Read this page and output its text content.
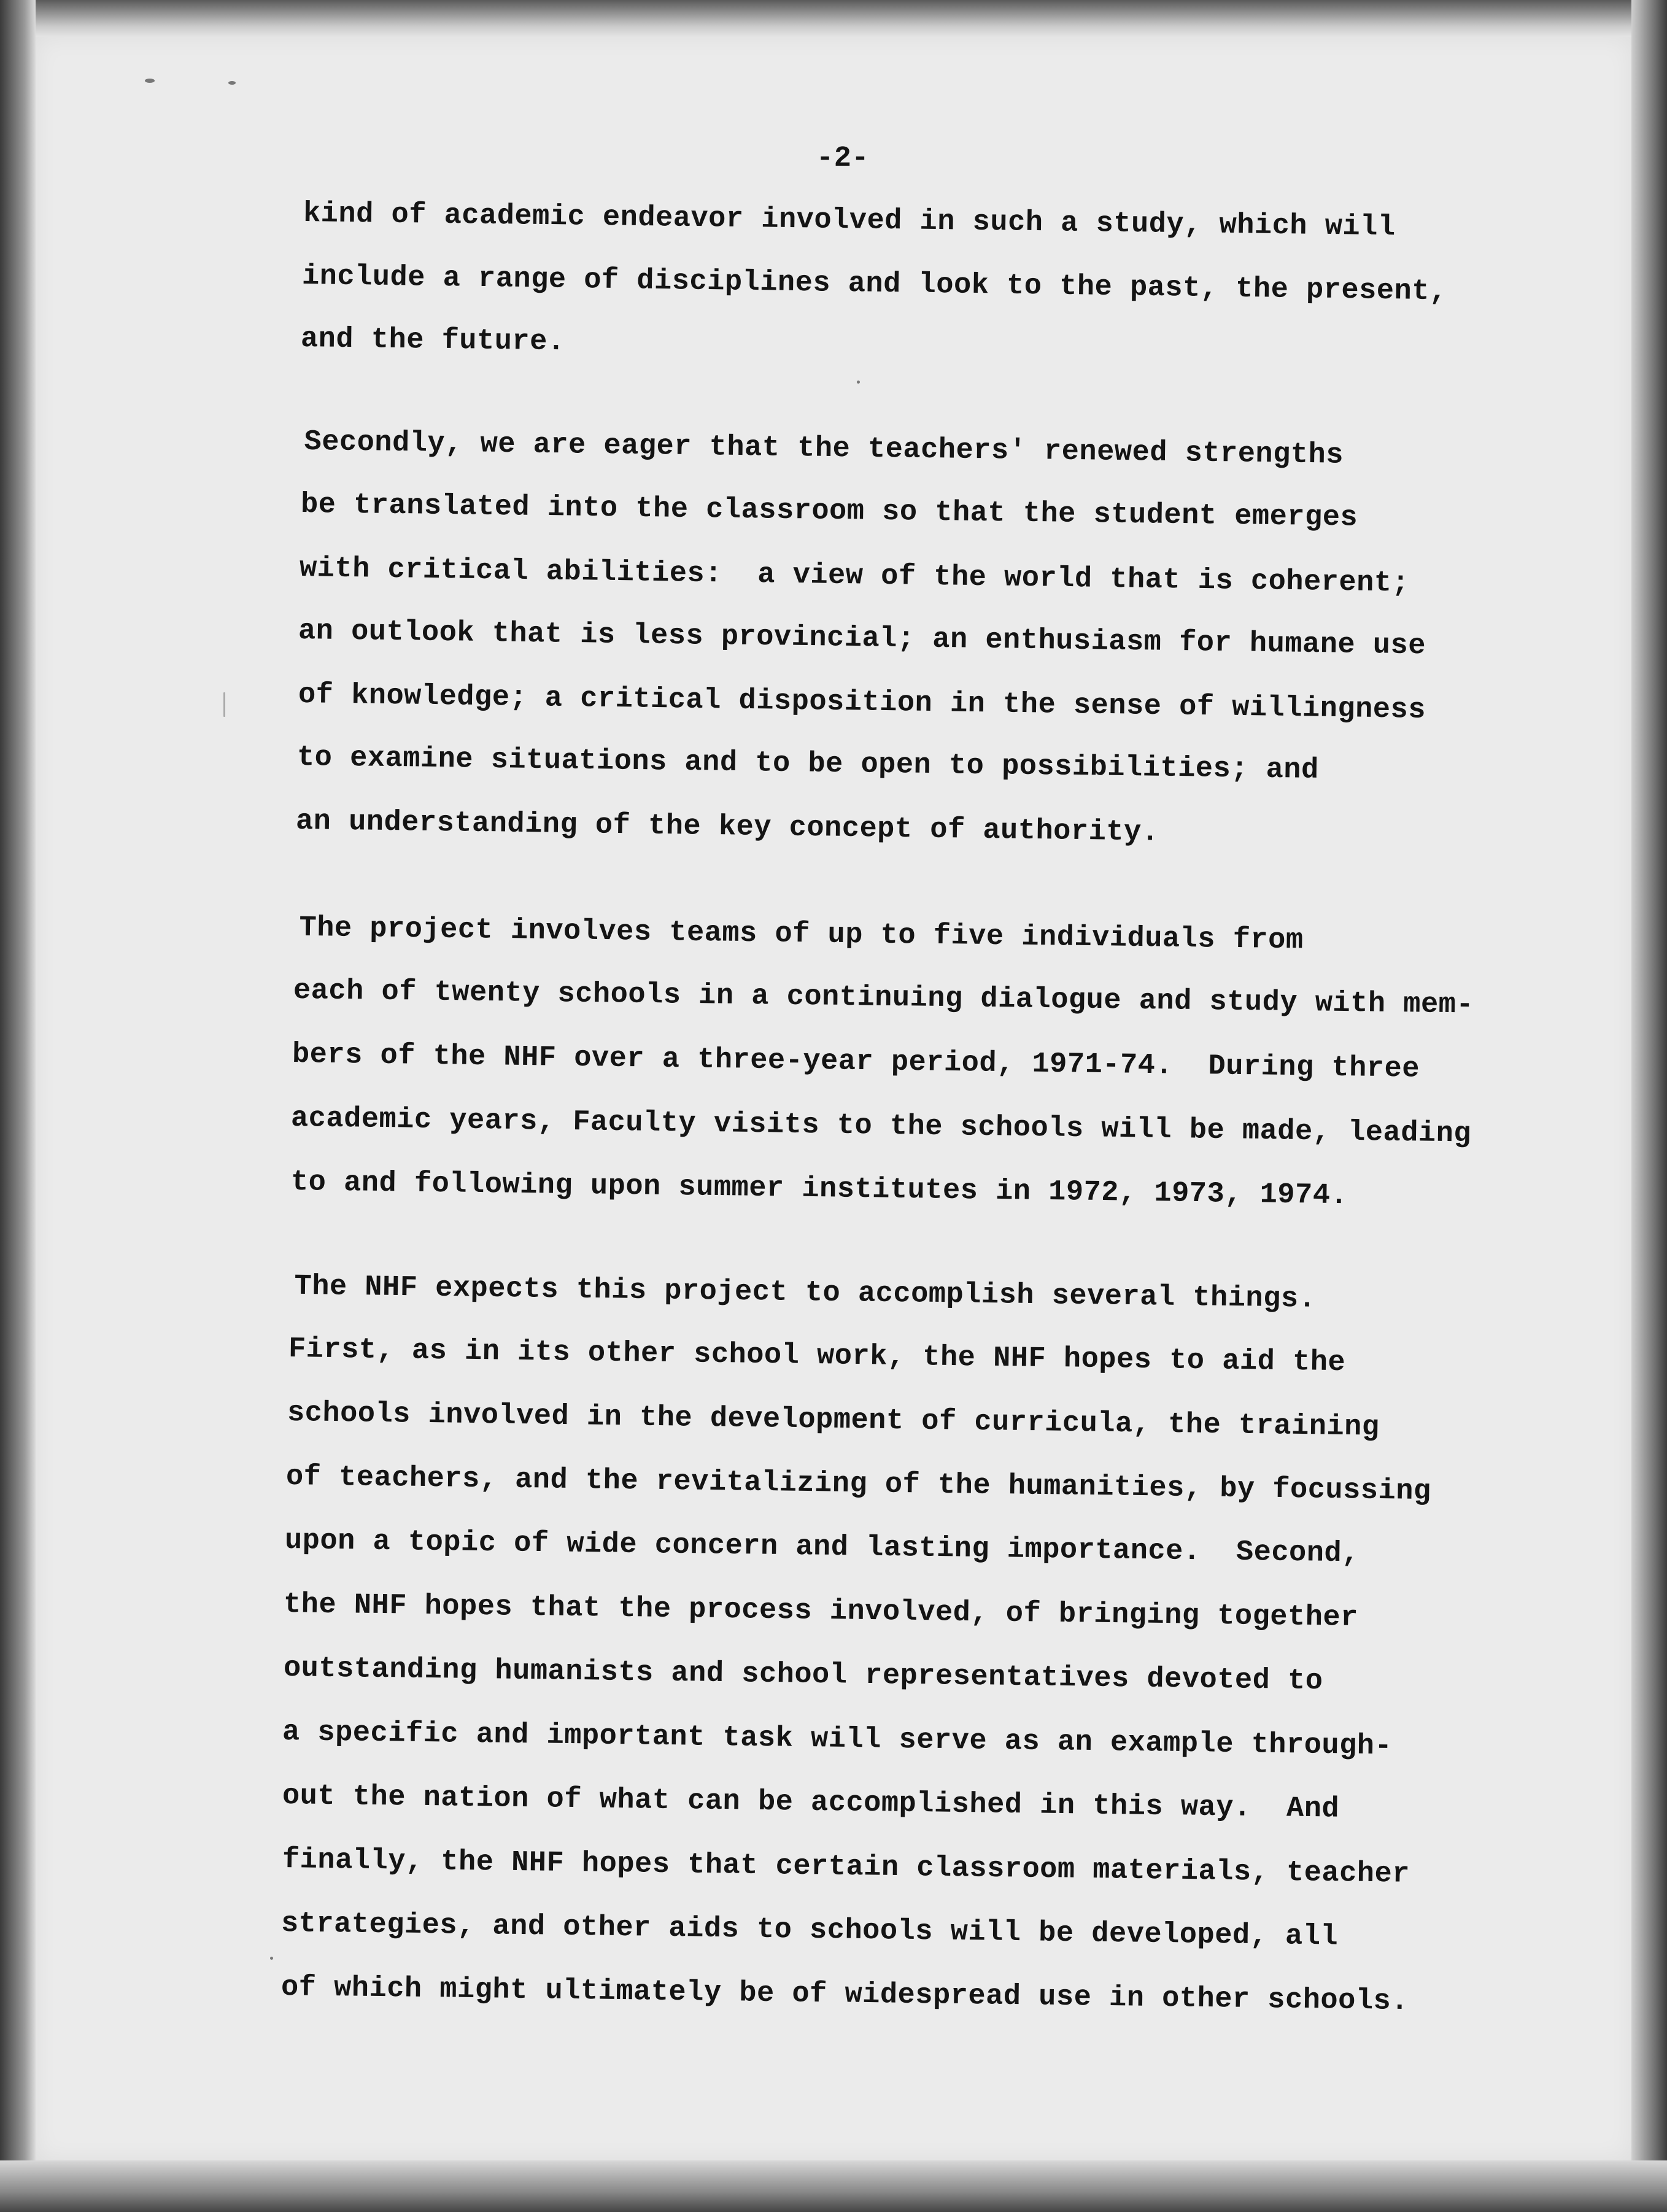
-2-
kind of academic endeavor involved in such a study, which will
include a range of disciplines and look to the past, the present,
and the future.
Secondly, we are eager that the teachers' renewed strengths
be translated into the classroom so that the student emerges
with critical abilities:  a view of the world that is coherent;
an outlook that is less provincial; an enthusiasm for humane use
of knowledge; a critical disposition in the sense of willingness
to examine situations and to be open to possibilities; and
an understanding of the key concept of authority.
The project involves teams of up to five individuals from
each of twenty schools in a continuing dialogue and study with mem-
bers of the NHF over a three-year period, 1971-74.  During three
academic years, Faculty visits to the schools will be made, leading
to and following upon summer institutes in 1972, 1973, 1974.
The NHF expects this project to accomplish several things.
First, as in its other school work, the NHF hopes to aid the
schools involved in the development of curricula, the training
of teachers, and the revitalizing of the humanities, by focussing
upon a topic of wide concern and lasting importance.  Second,
the NHF hopes that the process involved, of bringing together
outstanding humanists and school representatives devoted to
a specific and important task will serve as an example through-
out the nation of what can be accomplished in this way.  And
finally, the NHF hopes that certain classroom materials, teacher
strategies, and other aids to schools will be developed, all
of which might ultimately be of widespread use in other schools.
